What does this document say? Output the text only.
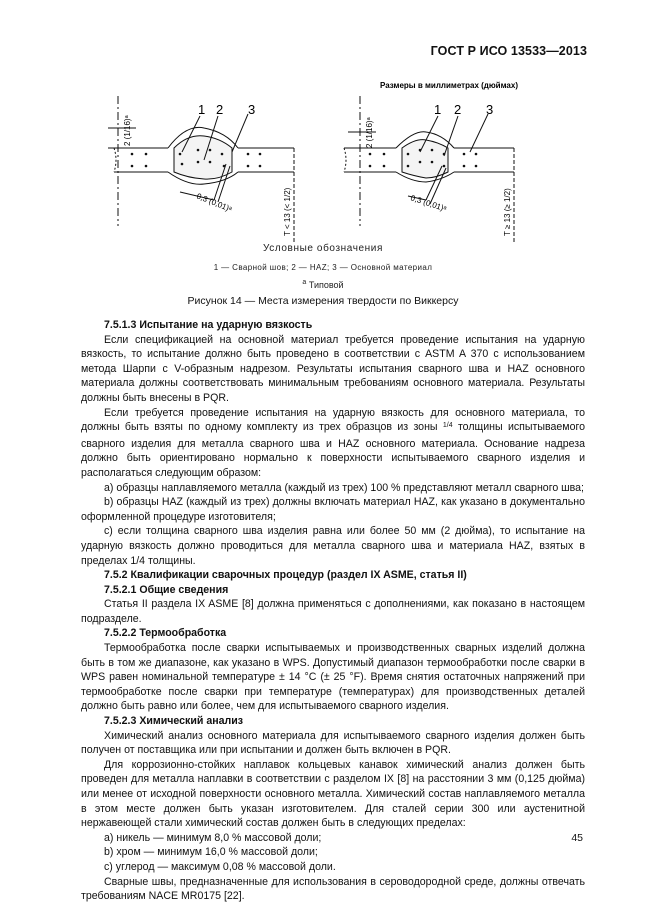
ГОСТ Р ИСО 13533—2013
Размеры в миллиметрах (дюймах)
1 2 3
2 (1/16)ᵃ
0,3 (0,01)ᵃ	T < 13 (< 1/2)
1 2 3
2 (1/16)ᵃ
0,3 (0,01)ᵃ	T ≥ 13 (≥ 1/2)
Условные обозначения
1 — Сварной шов; 2 — HAZ; 3 — Основной материал
$^a$ Типовой
Рисунок 14 — Места измерения твердости по Виккерсу

7.5.1.3 Испытание на ударную вязкость

Если спецификацией на основной материал требуется проведение испытания на ударную вязкость, то испытание должно быть проведено в соответствии с ASTM A 370 с использованием метода Шарпи с V-образным надрезом. Результаты испытания сварного шва и HAZ основного материала должны соответствовать минимальным требованиям основного материала. Результаты должны быть внесены в PQR.

Если требуется проведение испытания на ударную вязкость для основного материала, то должны быть взяты по одному комплекту из трех образцов из зоны $^{1/4}$ толщины испытываемого сварного изделия для металла сварного шва и HAZ основного материала. Основание надреза должно быть ориентировано нормально к поверхности испытываемого сварного изделия и располагаться следующим образом:

а) образцы наплавляемого металла (каждый из трех) 100 % представляют металл сварного шва;

b) образцы HAZ (каждый из трех) должны включать материал HAZ, как указано в документально оформленной процедуре изготовителя;

с) если толщина сварного шва изделия равна или более 50 мм (2 дюйма), то испытание на ударную вязкость должно проводиться для металла сварного шва и материала HAZ, взятых в пределах 1/4 толщины.

7.5.2 Квалификации сварочных процедур (раздел IX ASME, статья II)

7.5.2.1 Общие сведения

Статья II раздела IX ASME [8] должна применяться с дополнениями, как показано в настоящем подразделе.

7.5.2.2 Термообработка

Термообработка после сварки испытываемых и производственных сварных изделий должна быть в том же диапазоне, как указано в WPS. Допустимый диапазон термообработки после сварки в WPS равен номинальной температуре ± 14 °C (± 25 °F). Время снятия остаточных напряжений при термообработке после сварки при температуре (температурах) для производственных деталей должно быть равно или более, чем для испытываемого сварного изделия.

7.5.2.3 Химический анализ

Химический анализ основного материала для испытываемого сварного изделия должен быть получен от поставщика или при испытании и должен быть включен в PQR.

Для коррозионно-стойких наплавок кольцевых канавок химический анализ должен быть проведен для металла наплавки в соответствии с разделом IX [8] на расстоянии 3 мм (0,125 дюйма) или менее от исходной поверхности основного металла. Химический состав наплавляемого металла в этом месте должен быть указан изготовителем. Для сталей серии 300 или аустенитной нержавеющей стали химический состав должен быть в следующих пределах:

а) никель — минимум 8,0 % массовой доли;

b) хром — минимум 16,0 % массовой доли;

с) углерод — максимум 0,08 % массовой доли.

Сварные швы, предназначенные для использования в сероводородной среде, должны отвечать требованиям NACE MR0175 [22].

45
